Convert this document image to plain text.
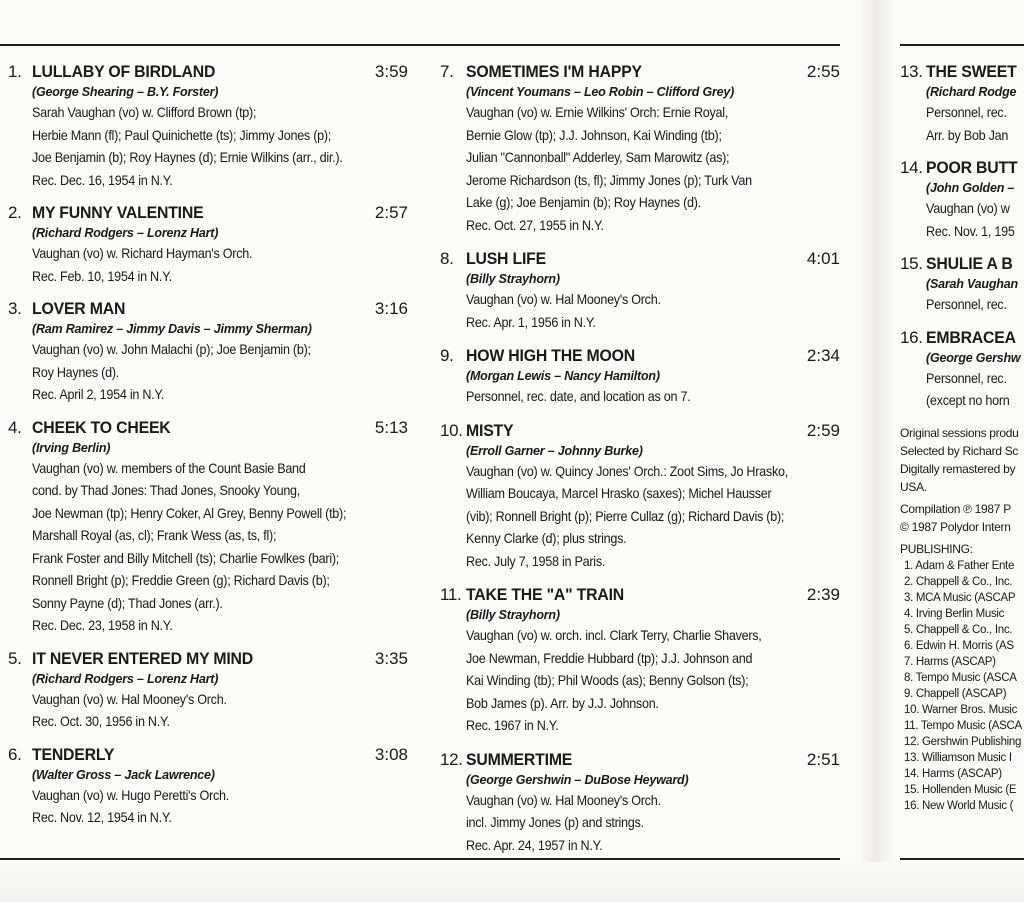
1. LULLABY OF BIRDLAND	3:59
(George Shearing – B.Y. Forster)
Sarah Vaughan (vo) w. Clifford Brown (tp);
Herbie Mann (fl); Paul Quinichette (ts); Jimmy Jones (p);
Joe Benjamin (b); Roy Haynes (d); Ernie Wilkins (arr., dir.).
Rec. Dec. 16, 1954 in N.Y.
2. MY FUNNY VALENTINE	2:57
(Richard Rodgers – Lorenz Hart)
Vaughan (vo) w. Richard Hayman's Orch.
Rec. Feb. 10, 1954 in N.Y.
3. LOVER MAN	3:16
(Ram Ramirez – Jimmy Davis – Jimmy Sherman)
Vaughan (vo) w. John Malachi (p); Joe Benjamin (b);
Roy Haynes (d).
Rec. April 2, 1954 in N.Y.
4. CHEEK TO CHEEK	5:13
(Irving Berlin)
Vaughan (vo) w. members of the Count Basie Band
cond. by Thad Jones: Thad Jones, Snooky Young,
Joe Newman (tp); Henry Coker, Al Grey, Benny Powell (tb);
Marshall Royal (as, cl); Frank Wess (as, ts, fl);
Frank Foster and Billy Mitchell (ts); Charlie Fowlkes (bari);
Ronnell Bright (p); Freddie Green (g); Richard Davis (b);
Sonny Payne (d); Thad Jones (arr.).
Rec. Dec. 23, 1958 in N.Y.
5. IT NEVER ENTERED MY MIND	3:35
(Richard Rodgers – Lorenz Hart)
Vaughan (vo) w. Hal Mooney's Orch.
Rec. Oct. 30, 1956 in N.Y.
6. TENDERLY	3:08
(Walter Gross – Jack Lawrence)
Vaughan (vo) w. Hugo Peretti's Orch.
Rec. Nov. 12, 1954 in N.Y.
7. SOMETIMES I'M HAPPY	2:55
(Vincent Youmans – Leo Robin – Clifford Grey)
Vaughan (vo) w. Ernie Wilkins' Orch: Ernie Royal,
Bernie Glow (tp); J.J. Johnson, Kai Winding (tb);
Julian "Cannonball" Adderley, Sam Marowitz (as);
Jerome Richardson (ts, fl); Jimmy Jones (p); Turk Van
Lake (g); Joe Benjamin (b); Roy Haynes (d).
Rec. Oct. 27, 1955 in N.Y.
8. LUSH LIFE	4:01
(Billy Strayhorn)
Vaughan (vo) w. Hal Mooney's Orch.
Rec. Apr. 1, 1956 in N.Y.
9. HOW HIGH THE MOON	2:34
(Morgan Lewis – Nancy Hamilton)
Personnel, rec. date, and location as on 7.
10. MISTY	2:59
(Erroll Garner – Johnny Burke)
Vaughan (vo) w. Quincy Jones' Orch.: Zoot Sims, Jo Hrasko,
William Boucaya, Marcel Hrasko (saxes); Michel Hausser
(vib); Ronnell Bright (p); Pierre Cullaz (g); Richard Davis (b);
Kenny Clarke (d); plus strings.
Rec. July 7, 1958 in Paris.
11. TAKE THE "A" TRAIN	2:39
(Billy Strayhorn)
Vaughan (vo) w. orch. incl. Clark Terry, Charlie Shavers,
Joe Newman, Freddie Hubbard (tp); J.J. Johnson and
Kai Winding (tb); Phil Woods (as); Benny Golson (ts);
Bob James (p). Arr. by J.J. Johnson.
Rec. 1967 in N.Y.
12. SUMMERTIME	2:51
(George Gershwin – DuBose Heyward)
Vaughan (vo) w. Hal Mooney's Orch.
incl. Jimmy Jones (p) and strings.
Rec. Apr. 24, 1957 in N.Y.
13. THE SWEET
(Richard Rodge
Personnel, rec.
Arr. by Bob Jan
14. POOR BUTT
(John Golden –
Vaughan (vo) w
Rec. Nov. 1, 195
15. SHULIE A B
(Sarah Vaughan
Personnel, rec.
16. EMBRACEA
(George Gershw
Personnel, rec.
(except no horn
Original sessions produ
Selected by Richard Sc
Digitally remastered by
USA.
Compilation ℗ 1987 P
© 1987 Polydor Intern
PUBLISHING:
1. Adam & Father Ente
2. Chappell & Co., Inc.
3. MCA Music (ASCAP
4. Irving Berlin Music
5. Chappell & Co., Inc.
6. Edwin H. Morris (AS
7. Harms (ASCAP)
8. Tempo Music (ASCA
9. Chappell (ASCAP)
10. Warner Bros. Music
11. Tempo Music (ASCA
12. Gershwin Publishing
13. Williamson Music I
14. Harms (ASCAP)
15. Hollenden Music (E
16. New World Music (
